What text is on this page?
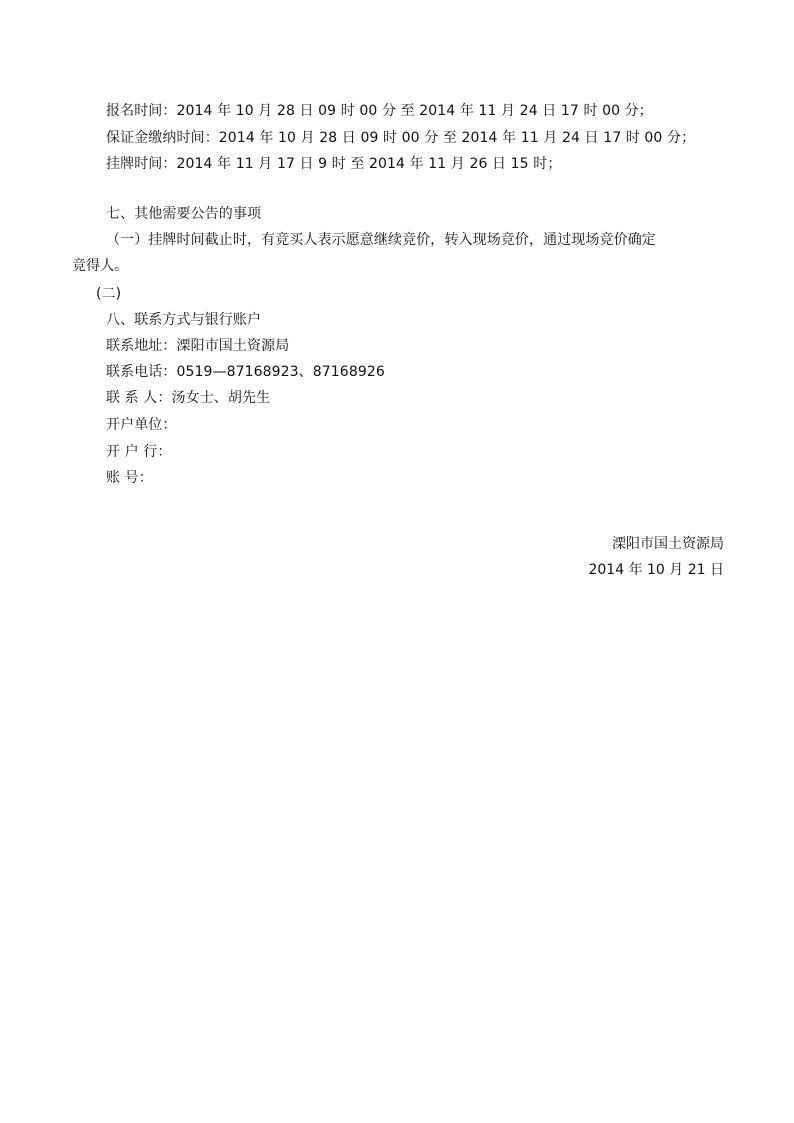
报名时间：2014 年 10 月 28 日 09 时 00 分 至 2014 年 11 月 24 日 17 时 00 分；
保证金缴纳时间：2014 年 10 月 28 日 09 时 00 分 至 2014 年 11 月 24 日 17 时 00 分；
挂牌时间：2014 年 11 月 17 日 9 时 至 2014 年 11 月 26 日 15 时；
七、其他需要公告的事项
（一）挂牌时间截止时，有竞买人表示愿意继续竞价，转入现场竞价，通过现场竞价确定
竞得人。
(二)
八、联系方式与银行账户
联系地址：溧阳市国土资源局
联系电话：0519—87168923、87168926
联 系 人：汤女士、胡先生
开户单位：
开 户 行：
账 号：
溧阳市国土资源局
2014 年 10 月 21 日
